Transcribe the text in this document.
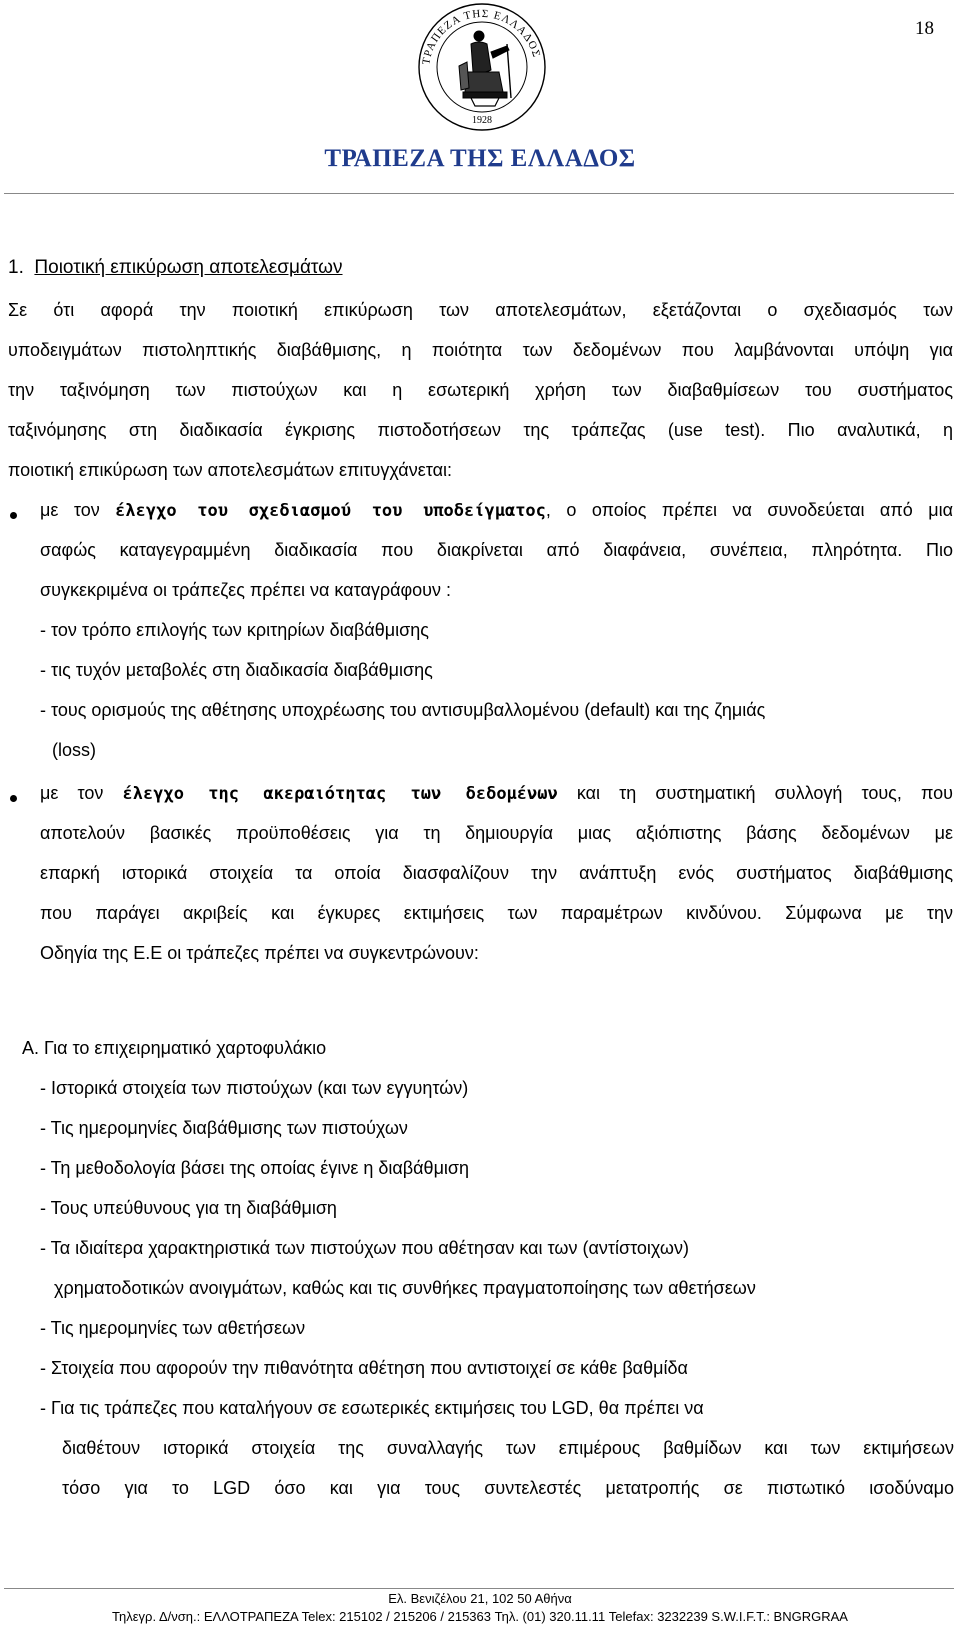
18
ΤΡΑΠΕΖΑ ΤΗΣ ΕΛΛΑΔΟΣ
1928
ΤΡΑΠΕΖΑ ΤΗΣ ΕΛΛΑΔΟΣ
1. Ποιοτική επικύρωση αποτελεσμάτων
Σε ότι αφορά την ποιοτική επικύρωση των αποτελεσμάτων, εξετάζονται ο σχεδιασμός των
υποδειγμάτων πιστοληπτικής διαβάθμισης, η ποιότητα των δεδομένων που λαμβάνονται υπόψη για
την ταξινόμηση των πιστούχων και η εσωτερική χρήση των διαβαθμίσεων του συστήματος
ταξινόμησης στη διαδικασία έγκρισης πιστοδοτήσεων της τράπεζας (use test). Πιο αναλυτικά, η
ποιοτική επικύρωση των αποτελεσμάτων επιτυγχάνεται:
με τον έλεγχο του σχεδιασμού του υποδείγματος, ο οποίος πρέπει να συνοδεύεται από μια
σαφώς καταγεγραμμένη διαδικασία που διακρίνεται από διαφάνεια, συνέπεια, πληρότητα. Πιο
συγκεκριμένα οι τράπεζες πρέπει να καταγράφουν :
- τον τρόπο επιλογής των κριτηρίων διαβάθμισης
- τις τυχόν μεταβολές στη διαδικασία διαβάθμισης
- τους ορισμούς της αθέτησης υποχρέωσης του αντισυμβαλλομένου (default) και της ζημιάς
(loss)
με τον έλεγχο της ακεραιότητας των δεδομένων και τη συστηματική συλλογή τους, που
αποτελούν βασικές προϋποθέσεις για τη δημιουργία μιας αξιόπιστης βάσης δεδομένων με
επαρκή ιστορικά στοιχεία τα οποία διασφαλίζουν την ανάπτυξη ενός συστήματος διαβάθμισης
που παράγει ακριβείς και έγκυρες εκτιμήσεις των παραμέτρων κινδύνου. Σύμφωνα με την
Οδηγία της Ε.Ε οι τράπεζες πρέπει να συγκεντρώνουν:
Α. Για το επιχειρηματικό χαρτοφυλάκιο
- Ιστορικά στοιχεία των πιστούχων (και των εγγυητών)
- Τις ημερομηνίες διαβάθμισης των πιστούχων
- Τη μεθοδολογία βάσει της οποίας έγινε η διαβάθμιση
- Τους υπεύθυνους για τη διαβάθμιση
- Τα ιδιαίτερα χαρακτηριστικά των πιστούχων που αθέτησαν και των (αντίστοιχων)
χρηματοδοτικών ανοιγμάτων, καθώς και τις συνθήκες πραγματοποίησης των αθετήσεων
- Τις ημερομηνίες των αθετήσεων
- Στοιχεία που αφορούν την πιθανότητα αθέτηση που αντιστοιχεί σε κάθε βαθμίδα
- Για τις τράπεζες που καταλήγουν σε εσωτερικές εκτιμήσεις του LGD, θα πρέπει να
διαθέτουν ιστορικά στοιχεία της συναλλαγής των επιμέρους βαθμίδων και των εκτιμήσεων
τόσο για το LGD όσο και για τους συντελεστές μετατροπής σε πιστωτικό ισοδύναμο
Ελ. Βενιζέλου 21, 102 50 Αθήνα
Τηλεγρ. Δ/νση.: ΕΛΛΟΤΡΑΠΕΖΑ Telex: 215102 / 215206 / 215363 Τηλ. (01) 320.11.11 Telefax: 3232239 S.W.I.F.T.: BNGRGRAA
